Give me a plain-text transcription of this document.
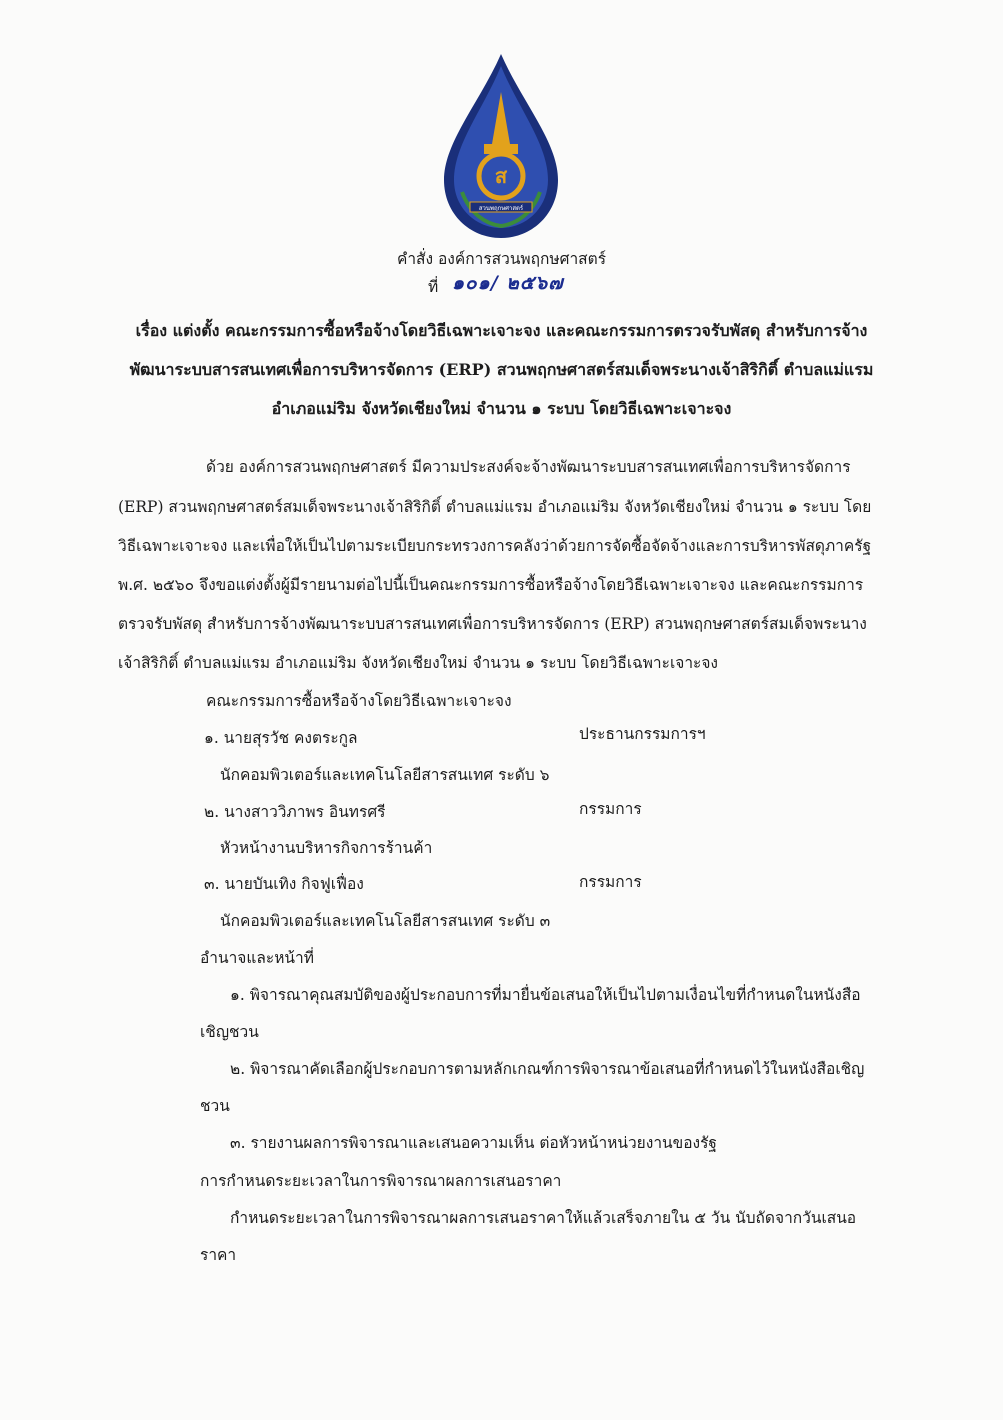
ส
สวนพฤกษศาสตร์
คำสั่ง องค์การสวนพฤกษศาสตร์
ที่ ๑๐๑/ ๒๕๖๗
เรื่อง แต่งตั้ง คณะกรรมการซื้อหรือจ้างโดยวิธีเฉพาะเจาะจง และคณะกรรมการตรวจรับพัสดุ สำหรับการจ้าง
พัฒนาระบบสารสนเทศเพื่อการบริหารจัดการ (ERP) สวนพฤกษศาสตร์สมเด็จพระนางเจ้าสิริกิติ์ ตำบลแม่แรม
อำเภอแม่ริม จังหวัดเชียงใหม่ จำนวน ๑ ระบบ โดยวิธีเฉพาะเจาะจง
ด้วย องค์การสวนพฤกษศาสตร์ มีความประสงค์จะจ้างพัฒนาระบบสารสนเทศเพื่อการบริหารจัดการ
(ERP) สวนพฤกษศาสตร์สมเด็จพระนางเจ้าสิริกิติ์ ตำบลแม่แรม อำเภอแม่ริม จังหวัดเชียงใหม่ จำนวน ๑ ระบบ โดย
วิธีเฉพาะเจาะจง และเพื่อให้เป็นไปตามระเบียบกระทรวงการคลังว่าด้วยการจัดซื้อจัดจ้างและการบริหารพัสดุภาครัฐ
พ.ศ. ๒๕๖๐ จึงขอแต่งตั้งผู้มีรายนามต่อไปนี้เป็นคณะกรรมการซื้อหรือจ้างโดยวิธีเฉพาะเจาะจง และคณะกรรมการ
ตรวจรับพัสดุ สำหรับการจ้างพัฒนาระบบสารสนเทศเพื่อการบริหารจัดการ (ERP) สวนพฤกษศาสตร์สมเด็จพระนาง
เจ้าสิริกิติ์ ตำบลแม่แรม อำเภอแม่ริม จังหวัดเชียงใหม่ จำนวน ๑ ระบบ โดยวิธีเฉพาะเจาะจง
คณะกรรมการซื้อหรือจ้างโดยวิธีเฉพาะเจาะจง
๑. นายสุรวัช คงตระกูล	ประธานกรรมการฯ
นักคอมพิวเตอร์และเทคโนโลยีสารสนเทศ ระดับ ๖
๒. นางสาววิภาพร อินทรศรี	กรรมการ
หัวหน้างานบริหารกิจการร้านค้า
๓. นายบันเทิง กิจฟูเฟื่อง	กรรมการ
นักคอมพิวเตอร์และเทคโนโลยีสารสนเทศ ระดับ ๓
อำนาจและหน้าที่
๑. พิจารณาคุณสมบัติของผู้ประกอบการที่มายื่นข้อเสนอให้เป็นไปตามเงื่อนไขที่กำหนดในหนังสือ
เชิญชวน
๒. พิจารณาคัดเลือกผู้ประกอบการตามหลักเกณฑ์การพิจารณาข้อเสนอที่กำหนดไว้ในหนังสือเชิญ
ชวน
๓. รายงานผลการพิจารณาและเสนอความเห็น ต่อหัวหน้าหน่วยงานของรัฐ
การกำหนดระยะเวลาในการพิจารณาผลการเสนอราคา
กำหนดระยะเวลาในการพิจารณาผลการเสนอราคาให้แล้วเสร็จภายใน ๕ วัน นับถัดจากวันเสนอ
ราคา
